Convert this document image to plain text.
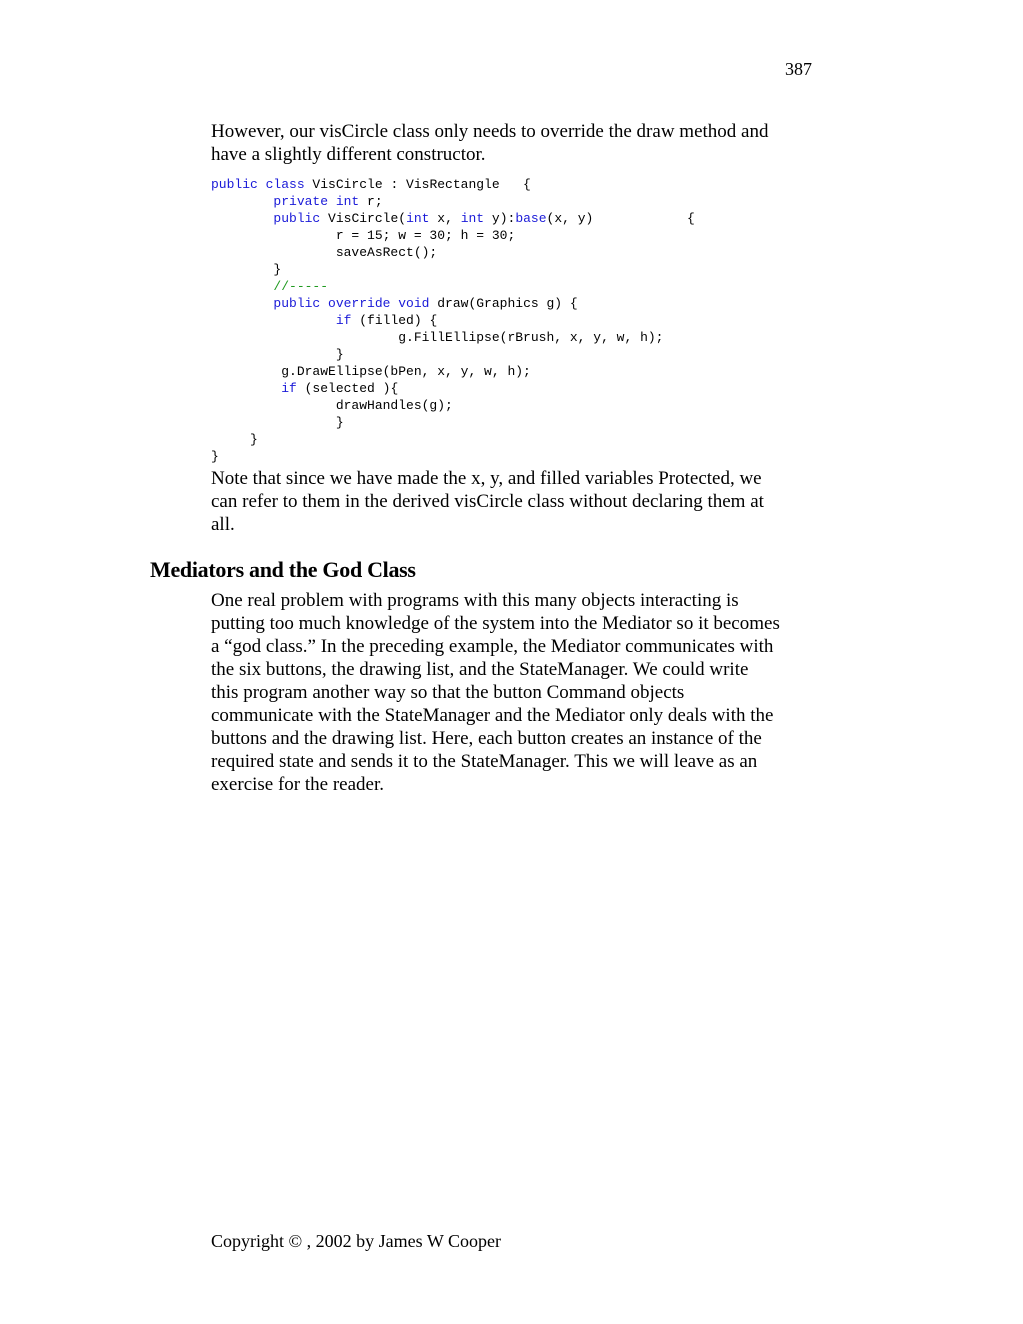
387
However, our visCircle class only needs to override the draw method and
have a slightly different constructor.
public class VisCircle : VisRectangle   {
private int r;
public VisCircle(int x, int y):base(x, y)            {
r = 15; w = 30; h = 30;
saveAsRect();
}
//-----
public override void draw(Graphics g) {
if (filled) {
g.FillEllipse(rBrush, x, y, w, h);
}
g.DrawEllipse(bPen, x, y, w, h);
if (selected ){
drawHandles(g);
}
}
}
Note that since we have made the x, y, and filled variables Protected, we
can refer to them in the derived visCircle class without declaring them at
all.
Mediators and the God Class
One real problem with programs with this many objects interacting is
putting too much knowledge of the system into the Mediator so it becomes
a “god class.” In the preceding example, the Mediator communicates with
the six buttons, the drawing list, and the StateManager. We could write
this program another way so that the button Command objects
communicate with the StateManager and the Mediator only deals with the
buttons and the drawing list. Here, each button creates an instance of the
required state and sends it to the StateManager. This we will leave as an
exercise for the reader.
Copyright © , 2002 by James W Cooper
